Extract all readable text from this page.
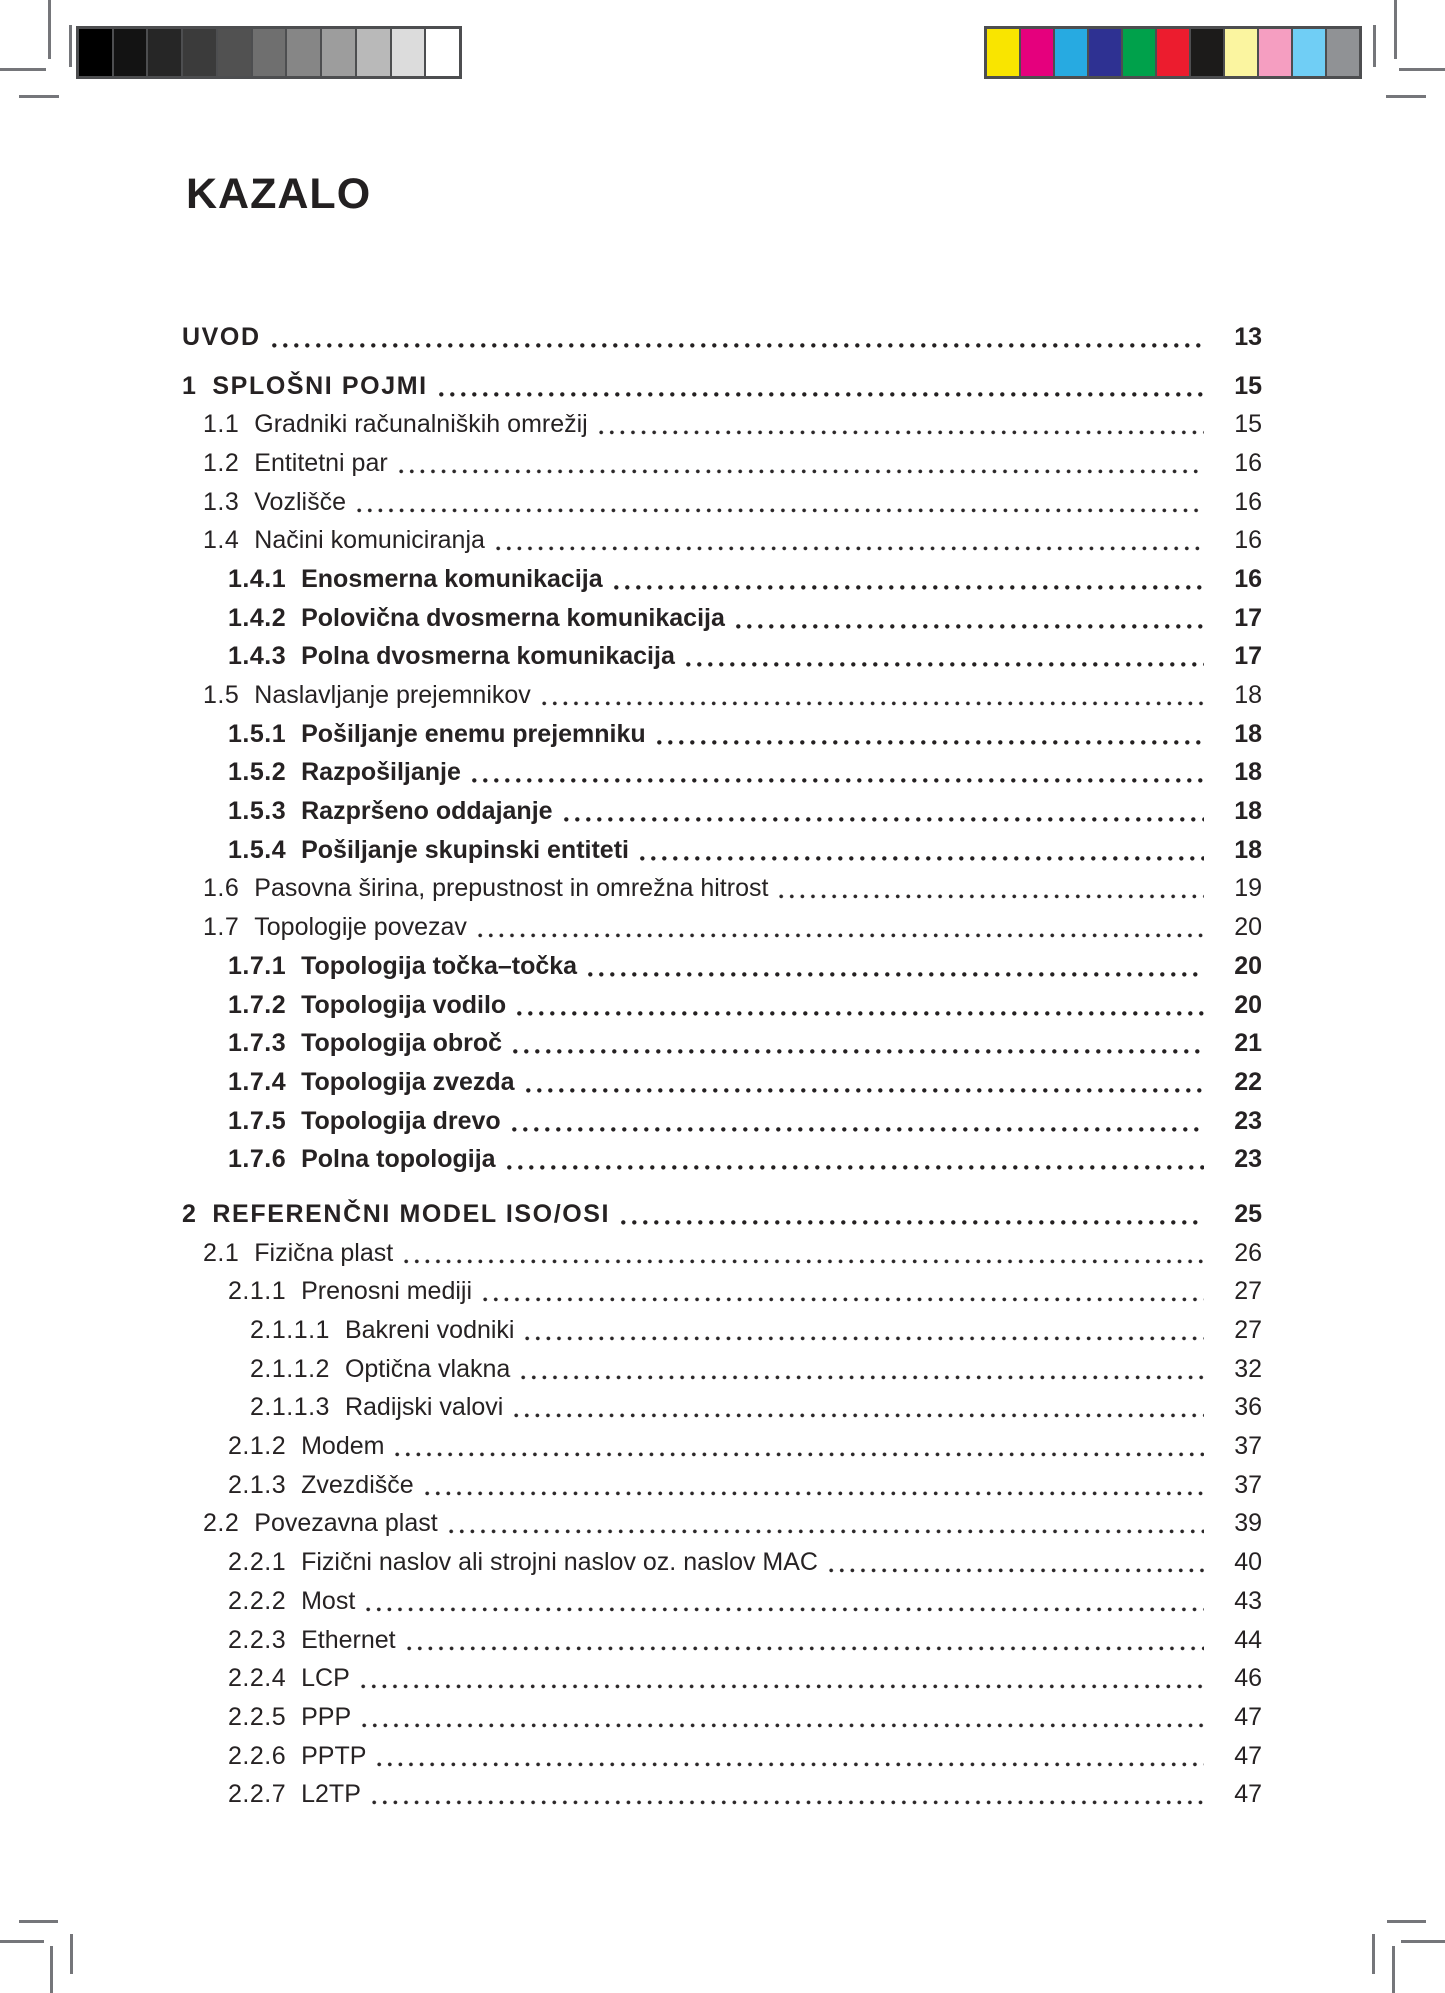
KAZALO
UVOD	13
1 SPLOŠNI POJMI	15
1.1 Gradniki računalniških omrežij	15
1.2 Entitetni par	16
1.3 Vozlišče	16
1.4 Načini komuniciranja	16
1.4.1 Enosmerna komunikacija	16
1.4.2 Polovična dvosmerna komunikacija	17
1.4.3 Polna dvosmerna komunikacija	17
1.5 Naslavljanje prejemnikov	18
1.5.1 Pošiljanje enemu prejemniku	18
1.5.2 Razpošiljanje	18
1.5.3 Razpršeno oddajanje	18
1.5.4 Pošiljanje skupinski entiteti	18
1.6 Pasovna širina, prepustnost in omrežna hitrost	19
1.7 Topologije povezav	20
1.7.1 Topologija točka–točka	20
1.7.2 Topologija vodilo	20
1.7.3 Topologija obroč	21
1.7.4 Topologija zvezda	22
1.7.5 Topologija drevo	23
1.7.6 Polna topologija	23
2 REFERENČNI MODEL ISO/OSI	25
2.1 Fizična plast	26
2.1.1 Prenosni mediji	27
2.1.1.1 Bakreni vodniki	27
2.1.1.2 Optična vlakna	32
2.1.1.3 Radijski valovi	36
2.1.2 Modem	37
2.1.3 Zvezdišče	37
2.2 Povezavna plast	39
2.2.1 Fizični naslov ali strojni naslov oz. naslov MAC	40
2.2.2 Most	43
2.2.3 Ethernet	44
2.2.4 LCP	46
2.2.5 PPP	47
2.2.6 PPTP	47
2.2.7 L2TP	47
